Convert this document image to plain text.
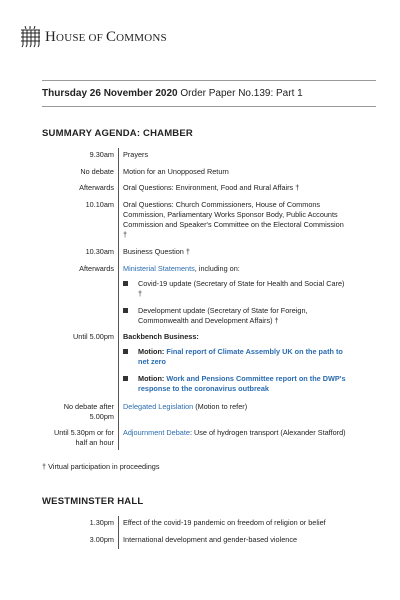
HOUSE OF COMMONS
Thursday 26 November 2020 Order Paper No.139: Part 1
SUMMARY AGENDA: CHAMBER
9.30am Prayers
No debate Motion for an Unopposed Return
Afterwards Oral Questions: Environment, Food and Rural Affairs †
10.10am Oral Questions: Church Commissioners, House of Commons Commission, Parliamentary Works Sponsor Body, Public Accounts Commission and Speaker's Committee on the Electoral Commission †
10.30am Business Question †
Afterwards Ministerial Statements, including on:
Covid-19 update (Secretary of State for Health and Social Care) †
Development update (Secretary of State for Foreign, Commonwealth and Development Affairs) †
Until 5.00pm Backbench Business:
Motion: Final report of Climate Assembly UK on the path to net zero
Motion: Work and Pensions Committee report on the DWP's response to the coronavirus outbreak
No debate after
5.00pm
Delegated Legislation (Motion to refer)
Until 5.30pm or for
half an hour
Adjournment Debate: Use of hydrogen transport (Alexander Stafford)
† Virtual participation in proceedings
WESTMINSTER HALL
1.30pm Effect of the covid-19 pandemic on freedom of religion or belief
3.00pm International development and gender-based violence
